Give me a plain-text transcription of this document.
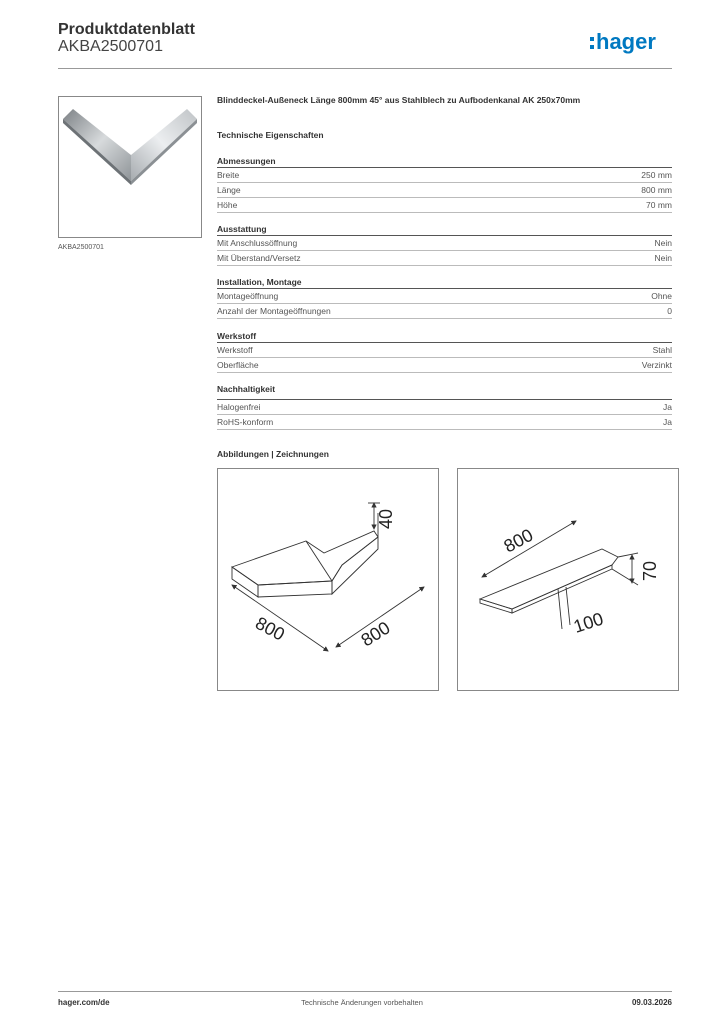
Produktdatenblatt
AKBA2500701	hager
AKBA2500701
Blinddeckel-Außeneck Länge 800mm 45° aus Stahlblech zu Aufbodenkanal AK 250x70mm
Technische Eigenschaften
Abmessungen
Breite	250 mm
Länge	800 mm
Höhe	70 mm
Ausstattung
Mit Anschlussöffnung	Nein
Mit Überstand/Versetz	Nein
Installation, Montage
Montageöffnung	Ohne
Anzahl der Montageöffnungen	0
Werkstoff
Werkstoff	Stahl
Oberfläche	Verzinkt
Nachhaltigkeit
Halogenfrei	Ja
RoHS-konform	Ja
Abbildungen | Zeichnungen
40
800	800
800
70
100
hager.com/de	Technische Änderungen vorbehalten	09.03.2026
